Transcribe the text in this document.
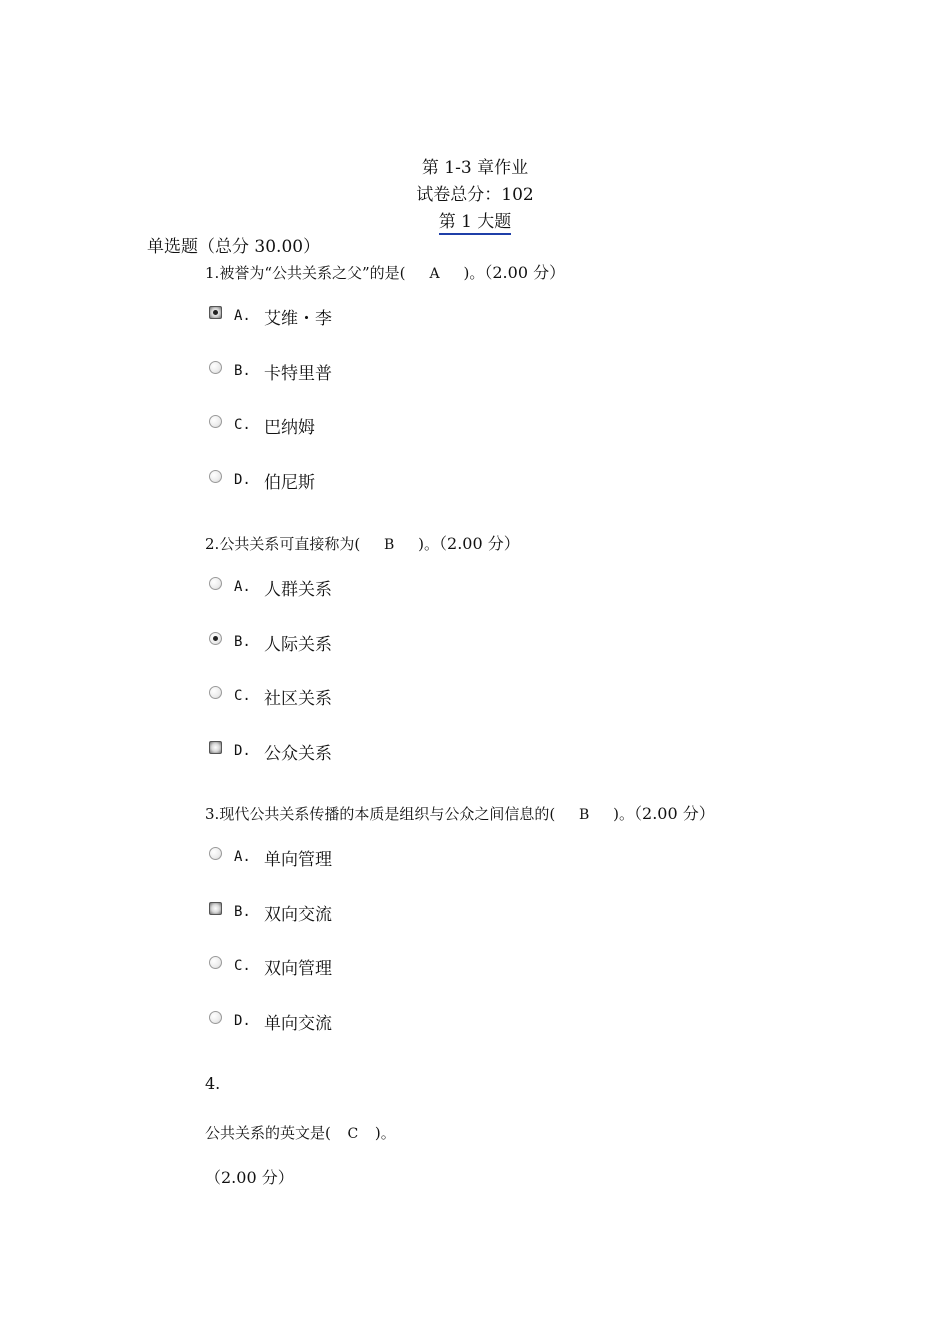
第 1-3 章作业
试卷总分：102
第 1 大题
单选题（总分 30.00）
1.被誉为“公共关系之父”的是( A )。（2.00 分）
A. 艾维・李
B. 卡特里普
C. 巴纳姆
D. 伯尼斯
2.公共关系可直接称为( B )。（2.00 分）
A. 人群关系
B. 人际关系
C. 社区关系
D. 公众关系
3.现代公共关系传播的本质是组织与公众之间信息的( B )。（2.00 分）
A. 单向管理
B. 双向交流
C. 双向管理
D. 单向交流
4.
公共关系的英文是( C )。
（2.00 分）
